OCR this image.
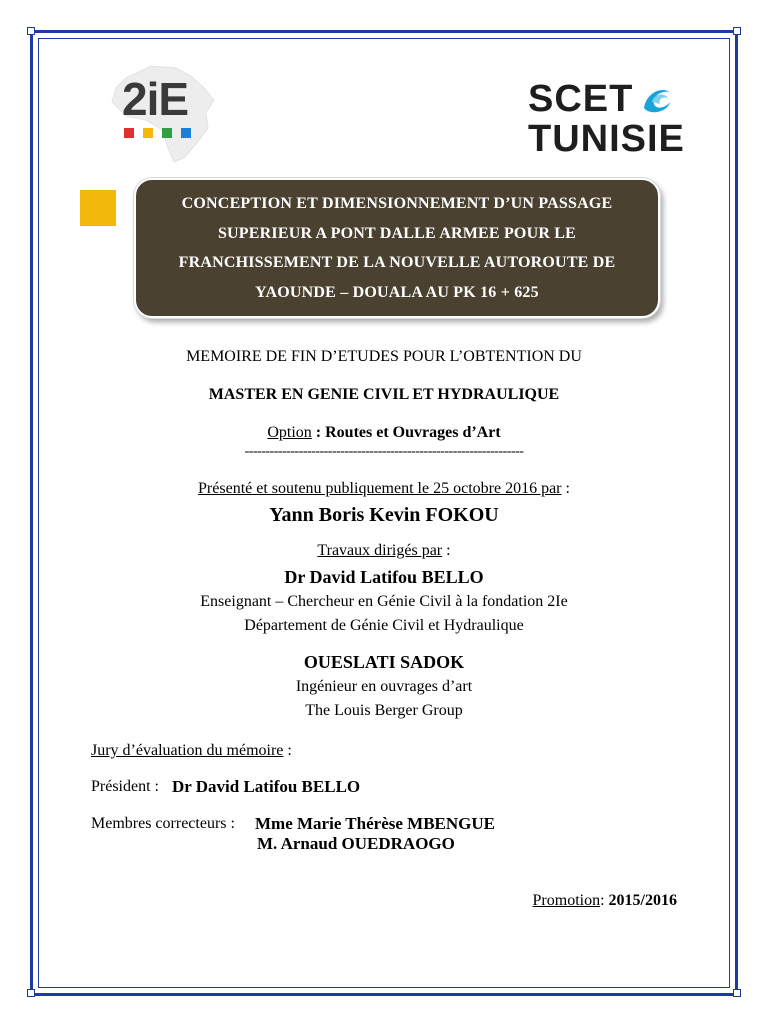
2iE	SCET
TUNISIE
CONCEPTION ET DIMENSIONNEMENT D’UN PASSAGE
SUPERIEUR A PONT DALLE ARMEE POUR LE
FRANCHISSEMENT DE LA NOUVELLE AUTOROUTE DE
YAOUNDE – DOUALA AU PK 16 + 625
MEMOIRE DE FIN D’ETUDES POUR L’OBTENTION DU
MASTER EN GENIE CIVIL ET HYDRAULIQUE
Option : Routes et Ouvrages d’Art
-------------------------------------------------------------------
Présenté et soutenu publiquement le 25 octobre 2016 par :
Yann Boris Kevin FOKOU
Travaux dirigés par :
Dr David Latifou BELLO
Enseignant – Chercheur en Génie Civil à la fondation 2Ie
Département de Génie Civil et Hydraulique
OUESLATI SADOK
Ingénieur en ouvrages d’art
The Louis Berger Group
Jury d’évaluation du mémoire :
Président : Dr David Latifou BELLO
Membres correcteurs : Mme Marie Thérèse MBENGUE
M. Arnaud OUEDRAOGO
Promotion: 2015/2016
